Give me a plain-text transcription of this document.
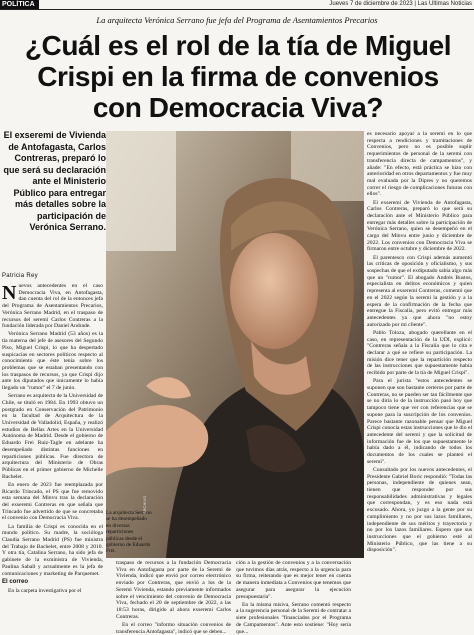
POLÍTICA	Jueves 7 de diciembre de 2023 | Las Últimas Noticias
La arquitecta Verónica Serrano fue jefa del Programa de Asentamientos Precarios
¿Cuál es el rol de la tía de Miguel Crispi en la firma de convenios con Democracia Viva?

El exseremi de Vivienda de Antofagasta, Carlos Contreras, preparó lo que será su declaración ante el Ministerio Público para entregar más detalles sobre la participación de Verónica Serrano.

Patricia Rey

Nuevos antecedentes en el caso Democracia Viva, en Antofagasta, dan cuenta del rol de la entonces jefa del Programa de Asentamientos Precarios, Verónica Serrano Madrid, en el traspaso de recursos del seremi Carlos Contreras a la fundación liderada por Daniel Andrade.

Verónica Serrano Madrid (53 años) es la tía materna del jefe de asesores del Segundo Piso, Miguel Crispi, lo que ha despertado suspicacias en sectores políticos respecto al conocimiento que éste tenía sobre los problemas que se estaban presentando con los traspasos de recursos, ya que Crispi dijo ante los diputados que únicamente lo había llegado un "rumor" el 7 de junio.

Serrano es arquitecta de la Universidad de Chile, se tituló en 1984. En 1993 obtuvo un postgrado en Conservación del Patrimonio en la facultad de Arquitectura de la Universidad de Valladolid, España, y realizó estudios de Bellas Artes en la Universidad Autónoma de Madrid. Desde el gobierno de Eduardo Frei Ruiz-Tagle en adelante ha desempeñado distintas funciones en reparticiones públicas. Fue directora de arquitectura del Ministerio de Obras Públicas en el primer gobierno de Michelle Bachelet.

En enero de 2023 fue reemplazada por Ricardo Trincado, el PS que fue removido esta semana del Minvu tras la declaración del exseremi Contreras en que señala que Trincado fue advertido de que se concretaba el convenio con Democracia Viva.

La familia de Crispi es conocida en el mundo político. Su madre, la socióloga Claudia Serrano Madrid (PS) fue ministra del Trabajo de Bachelet, entre 2008 y 2010. Y otra tía, Catalina Serrano, ha sido jefa de gabinete de la exministra de Vivienda, Paulina Saball y actualmente es la jefa de comunicaciones y marketing de Parquemet.

El correo

En la carpeta investigativa por el

La arquitecta Serrano se ha desempeñado en diversas reparticiones públicas desde el gobierno de Eduardo Frei.
ARCHIVO

traspaso de recursos a la fundación Democracia Viva en Antofagasta por parte de la Seremi de Vivienda, indicó que envió por correo electrónico enviado por Contreras, que envió a los de la Seremi Vivienda, estando previamente informados sobre el vencimiento del convenio de Democracia Viva, fechado el 20 de septiembre de 2022, a las 18:53 horas, dirigido al ahora exseremi Carlos Contreras.

En el correo "informo situación convenios de transferencia Antofagasta", indicó que se deben...

ción a la gestión de convenios y a la conversación que tuvimos días atrás, respecto a la urgencia para su firma, reiterando que es mejor tener en cuenta de manera inmediata a Convenios que tenemos que asegurar para asegurar la ejecución presupuestaria".

En la misma misiva, Serrano comentó respecto a la sugerencia personal de la Seremi de contratar a siete profesionales "financiados por el Programa de Campamentos". Ante esto sostiene: "Hoy sería que...

es necesario apoyar a la seremi en lo que respecta a rendiciones y tramitaciones de Convenios, pero no es posible suplir requerimientos de personal de la seremi con transferencia directa de campamentos", y añade: "En efecto, está práctica se hizo con anterioridad en otros departamentos y fue muy mal evaluada por la Dipres y no queremos correr el riesgo de complicaciones futuras con ellos".

El exseremi de Vivienda de Antofagasta, Carlos Contreras, preparó lo que será su declaración ante el Ministerio Público para entregar más detalles sobre la participación de Verónica Serrano, quien se desempeñó en el cargo del Minvu entre junio y diciembre de 2022. Los convenios con Democracia Viva se firmaron entre octubre y diciembre de 2022.

El parentesco con Crispi además aumentó las críticas de oposición y oficialismo, y sus sospechas de que el exdiputado sabía algo más que un "rumor". El abogado Andrés Bustos, especialista en delitos económicos y quien representa al exseremi Contreras, comentó que en el 2022 según la seremi la gestión y a la espera de la confirmación de la fecha que entregue la Fiscalía, pero evitó entregar más antecedentes ya que ahora "no estoy autorizado por mi cliente".

Pablo Toloza, abogado querellante en el caso, en representación de la UDI, explicó: "Contreras señala a la Fiscalía que lo cita e declarar a qué se refiere su participación. La misión dice tener que la repartición respecto de las instrucciones que supuestamente había recibido por parte de la tía de Miguel Crispi".

Para el jurista "estos antecedentes se suponen que son bastante certeros por parte de Contreras, no se pueden ser tan fácilmente que se no diría lo de la instrucción pasó hoy que tampoco tiene que ver con referencias que se supone para la suscripción de los convenios. Parece bastante razonable pensar que Miguel Crispi conocía estas instrucciones que le dio el antecedente del seremi y que la solicitud de información fue de los que supuestamente le había dado a él, indicando de todos los documentos de los cuales se planteó el seremi".

Consultado por los nuevos antecedentes, el Presidente Gabriel Boric respondió: "Todas las personas, independiente de quienes sean, tienen que responder por sus responsabilidades administrativas y legales que correspondan, y es eso nada está excusado. Ahora, yo juzgo a la gente por su cumplimiento y no por sus lazos familiares, independiente de sus méritos y trayectoria y no por los lazos familiares. Espero que sus instrucciones que el gobierno esté al Ministerio Público, que las tiene a su disposición".
